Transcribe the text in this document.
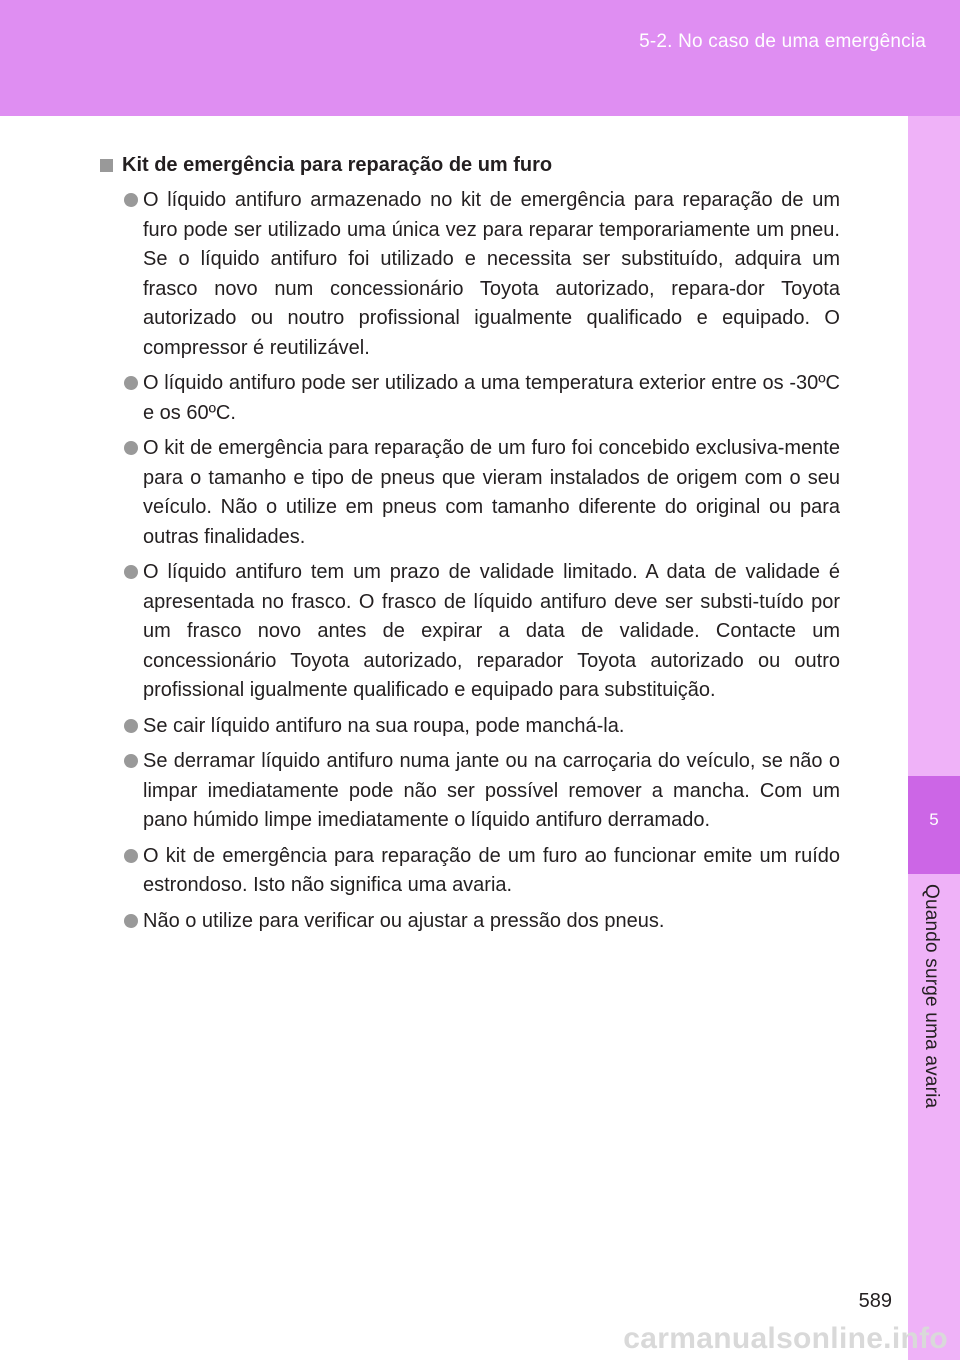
5-2. No caso de uma emergência
5
Quando surge uma avaria
Kit de emergência para reparação de um furo
O líquido antifuro armazenado no kit de emergência para reparação de um furo pode ser utilizado uma única vez para reparar temporariamente um pneu. Se o líquido antifuro foi utilizado e necessita ser substituído, adquira um frasco novo num concessionário Toyota autorizado, repara-dor Toyota autorizado ou noutro profissional igualmente qualificado e equipado. O compressor é reutilizável.
O líquido antifuro pode ser utilizado a uma temperatura exterior entre os -30ºC e os 60ºC.
O kit de emergência para reparação de um furo foi concebido exclusiva-mente para o tamanho e tipo de pneus que vieram instalados de origem com o seu veículo. Não o utilize em pneus com tamanho diferente do original ou para outras finalidades.
O líquido antifuro tem um prazo de validade limitado. A data de validade é apresentada no frasco. O frasco de líquido antifuro deve ser substi-tuído por um frasco novo antes de expirar a data de validade. Contacte um concessionário Toyota autorizado, reparador Toyota autorizado ou outro profissional igualmente qualificado e equipado para substituição.
Se cair líquido antifuro na sua roupa, pode manchá-la.
Se derramar líquido antifuro numa jante ou na carroçaria do veículo, se não o limpar imediatamente pode não ser possível remover a mancha. Com um pano húmido limpe imediatamente o líquido antifuro derramado.
O kit de emergência para reparação de um furo ao funcionar emite um ruído estrondoso. Isto não significa uma avaria.
Não o utilize para verificar ou ajustar a pressão dos pneus.
589
carmanualsonline.info
